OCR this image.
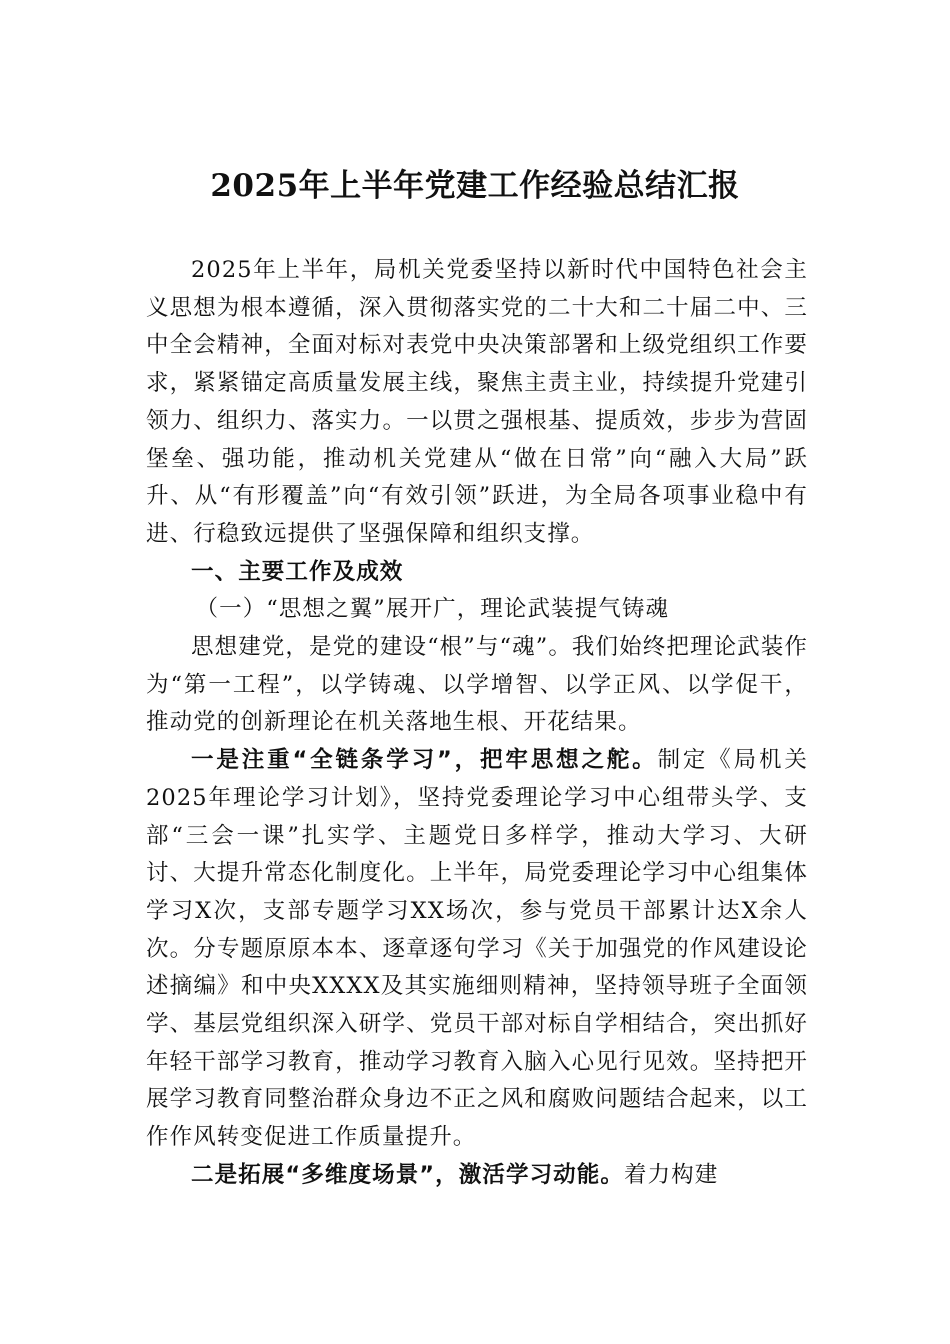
2025年上半年党建工作经验总结汇报

2025年上半年，局机关党委坚持以新时代中国特色社会主义思想为根本遵循，深入贯彻落实党的二十大和二十届二中、三中全会精神，全面对标对表党中央决策部署和上级党组织工作要求，紧紧锚定高质量发展主线，聚焦主责主业，持续提升党建引领力、组织力、落实力。一以贯之强根基、提质效，步步为营固堡垒、强功能，推动机关党建从“做在日常”向“融入大局”跃升、从“有形覆盖”向“有效引领”跃进，为全局各项事业稳中有进、行稳致远提供了坚强保障和组织支撑。

一、主要工作及成效

（一）“思想之翼”展开广，理论武装提气铸魂

思想建党，是党的建设“根”与“魂”。我们始终把理论武装作为“第一工程”，以学铸魂、以学增智、以学正风、以学促干，推动党的创新理论在机关落地生根、开花结果。

一是注重“全链条学习”，把牢思想之舵。制定《局机关2025年理论学习计划》，坚持党委理论学习中心组带头学、支部“三会一课”扎实学、主题党日多样学，推动大学习、大研讨、大提升常态化制度化。上半年，局党委理论学习中心组集体学习X次，支部专题学习XX场次，参与党员干部累计达X余人次。分专题原原本本、逐章逐句学习《关于加强党的作风建设论述摘编》和中央XXXX及其实施细则精神，坚持领导班子全面领学、基层党组织深入研学、党员干部对标自学相结合，突出抓好年轻干部学习教育，推动学习教育入脑入心见行见效。坚持把开展学习教育同整治群众身边不正之风和腐败问题结合起来，以工作作风转变促进工作质量提升。

二是拓展“多维度场景”，激活学习动能。着力构建
